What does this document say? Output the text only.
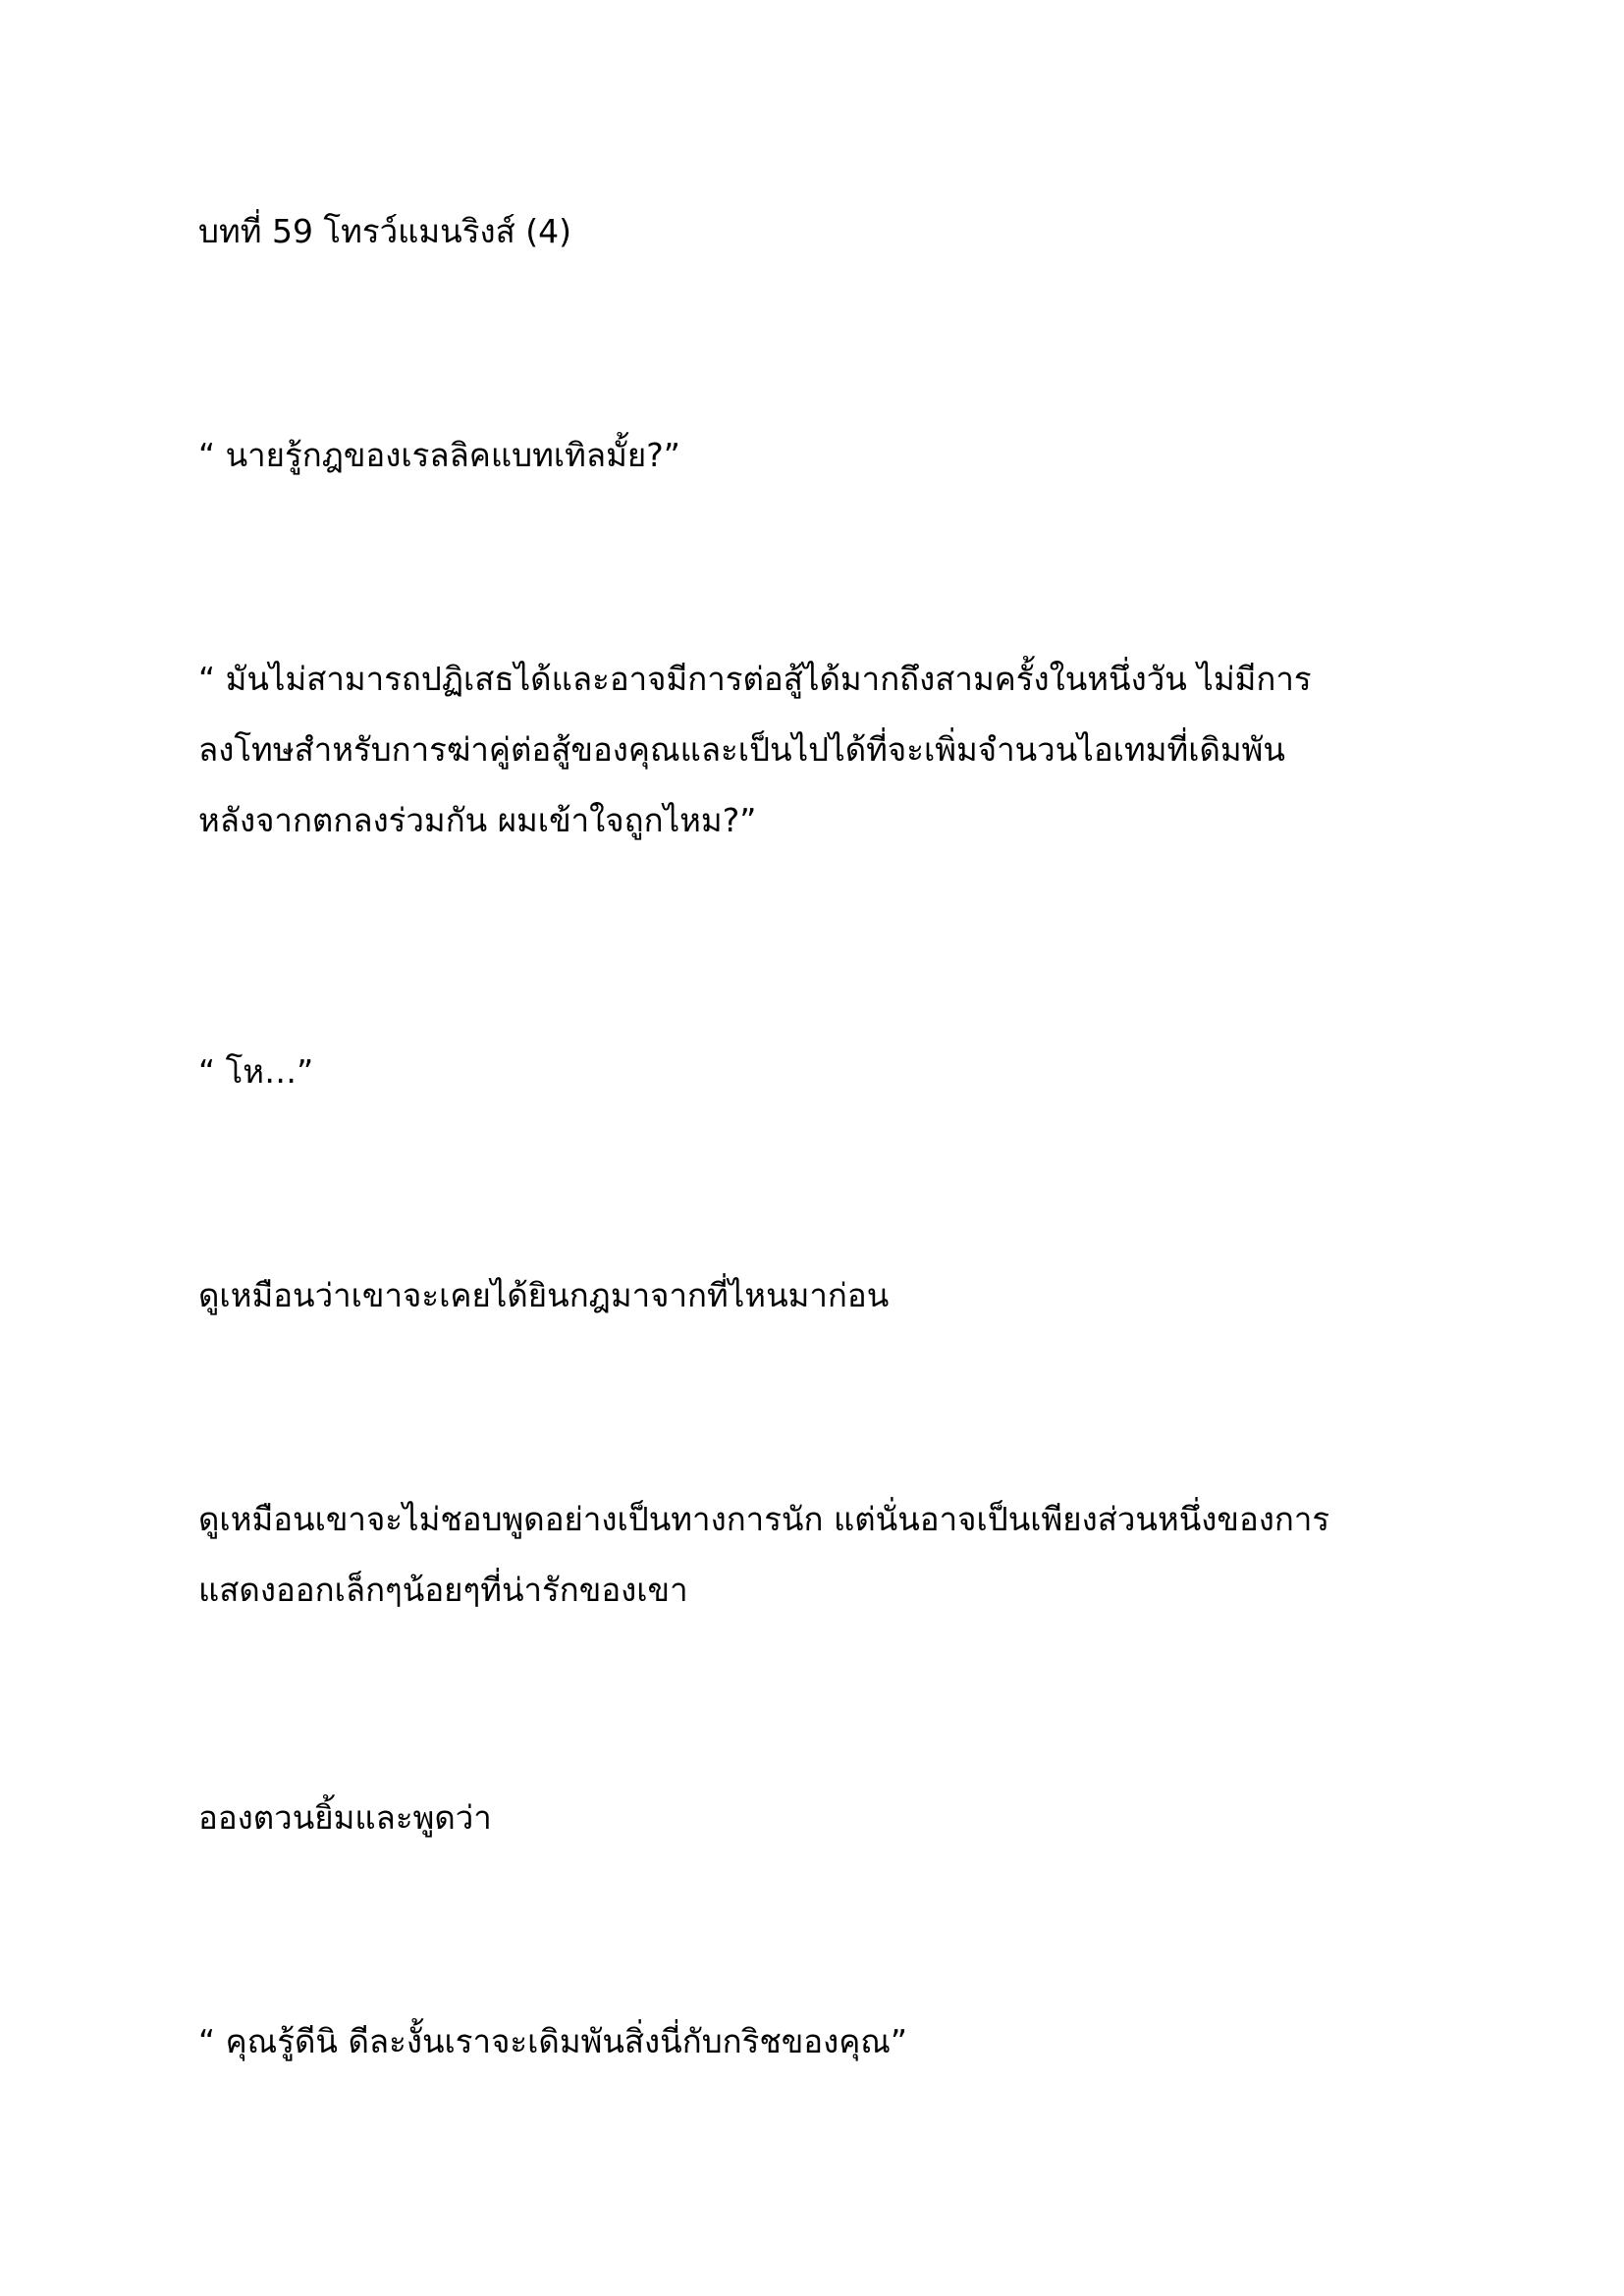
บทที่ 59 โทรว์แมนริงส์ (4)

“ นายรู้กฎของเรลลิคแบทเทิลมั้ย?”

“ มันไม่สามารถปฏิเสธได้และอาจมีการต่อสู้ได้มากถึงสามครั้งในหนึ่งวัน ไม่มีการ
ลงโทษสำหรับการฆ่าคู่ต่อสู้ของคุณและเป็นไปได้ที่จะเพิ่มจำนวนไอเทมที่เดิมพัน
หลังจากตกลงร่วมกัน ผมเข้าใจถูกไหม?”

“ โห…”

ดูเหมือนว่าเขาจะเคยได้ยินกฎมาจากที่ไหนมาก่อน

ดูเหมือนเขาจะไม่ชอบพูดอย่างเป็นทางการนัก แต่นั่นอาจเป็นเพียงส่วนหนึ่งของการ
แสดงออกเล็กๆน้อยๆที่น่ารักของเขา

อองตวนยิ้มและพูดว่า

“ คุณรู้ดีนิ ดีละงั้นเราจะเดิมพันสิ่งนี่กับกริชของคุณ”
